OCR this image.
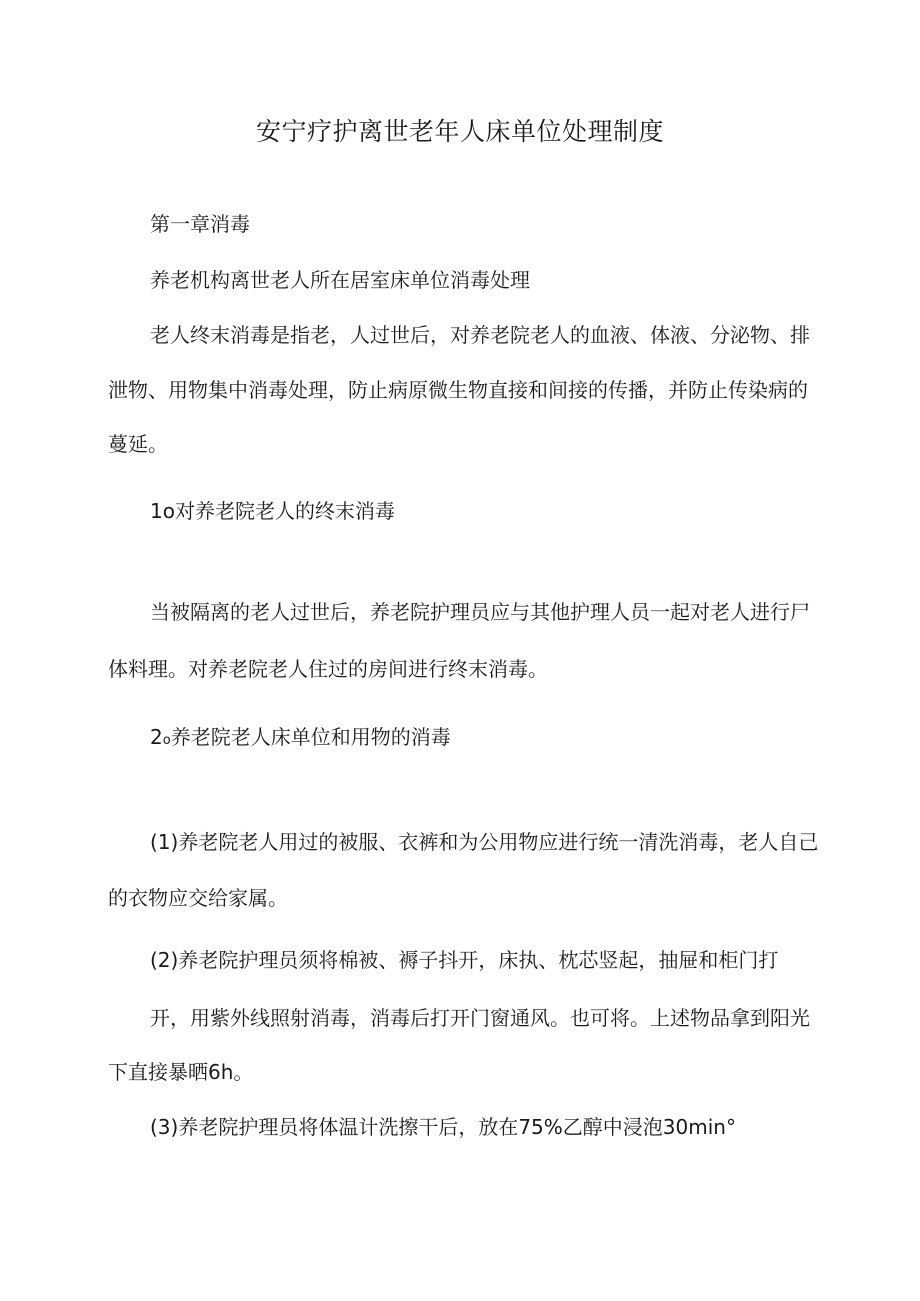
安宁疗护离世老年人床单位处理制度
第一章消毒
养老机构离世老人所在居室床单位消毒处理
老人终末消毒是指老，人过世后，对养老院老人的血液、体液、分泌物、排
泄物、用物集中消毒处理，防止病原微生物直接和间接的传播，并防止传染病的
蔓延。
1o对养老院老人的终末消毒
当被隔离的老人过世后，养老院护理员应与其他护理人员一起对老人进行尸
体料理。对养老院老人住过的房间进行终末消毒。
2o养老院老人床单位和用物的消毒
(1)养老院老人用过的被服、衣裤和为公用物应进行统一清洗消毒，老人自己
的衣物应交给家属。
(2)养老院护理员须将棉被、褥子抖开，床执、枕芯竖起，抽屉和柜门打
开，用紫外线照射消毒，消毒后打开门窗通风。也可将。上述物品拿到阳光
下直接暴晒6h。
(3)养老院护理员将体温计洗擦干后，放在75%乙醇中浸泡30min°
